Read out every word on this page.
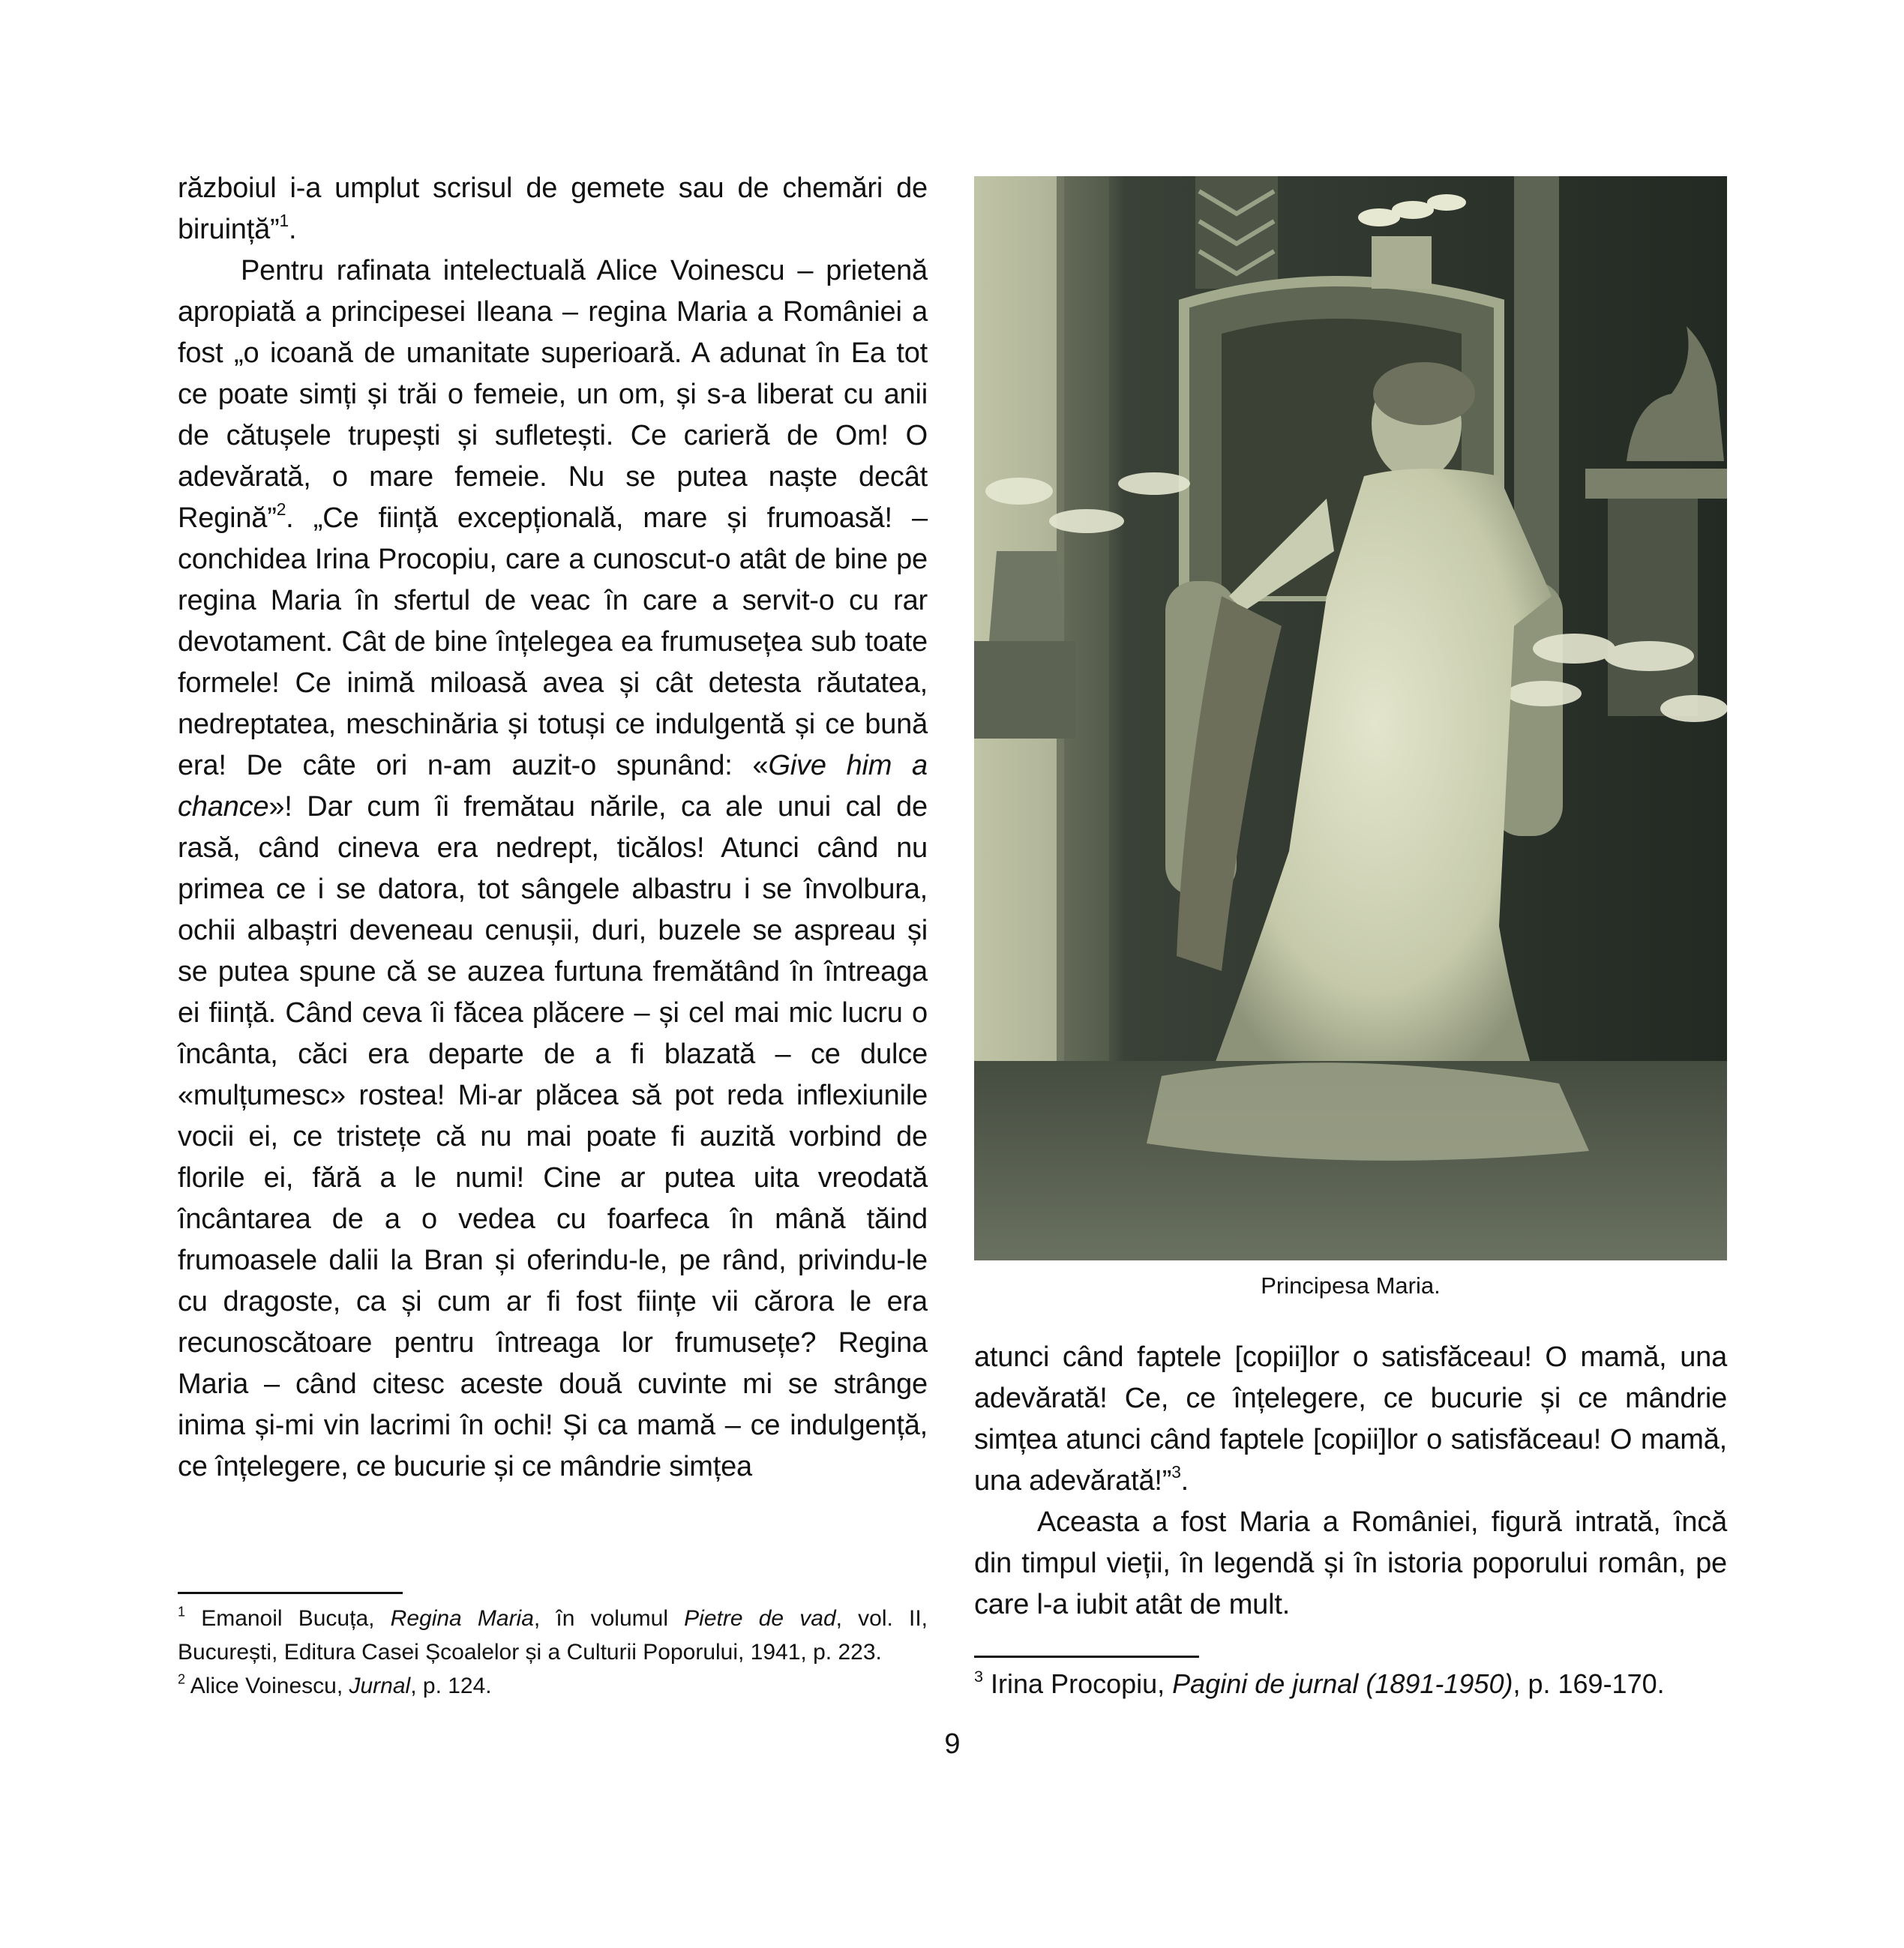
războiul i-a umplut scrisul de gemete sau de chemări de biruință”$^1$.

Pentru rafinata intelectuală Alice Voinescu – prietenă apropiată a principesei Ileana – regina Maria a României a fost „o icoană de umanitate superioară. A adunat în Ea tot ce poate simți și trăi o femeie, un om, și s-a liberat cu anii de cătușele trupești și sufletești. Ce carieră de Om! O adevărată, o mare femeie. Nu se putea naște decât Regină”$^2$. „Ce ființă excepțională, mare și frumoasă! – conchidea Irina Procopiu, care a cunoscut-o atât de bine pe regina Maria în sfertul de veac în care a servit-o cu rar devotament. Cât de bine înțelegea ea frumusețea sub toate formele! Ce inimă miloasă avea și cât detesta răutatea, nedreptatea, meschinăria și totuși ce indulgentă și ce bună era! De câte ori n-am auzit-o spunând: «Give him a chance»! Dar cum îi fremătau nările, ca ale unui cal de rasă, când cineva era nedrept, ticălos! Atunci când nu primea ce i se datora, tot sângele albastru i se învolbura, ochii albaștri deveneau cenușii, duri, buzele se aspreau și se putea spune că se auzea furtuna fremătând în întreaga ei ființă. Când ceva îi făcea plăcere – și cel mai mic lucru o încânta, căci era departe de a fi blazată – ce dulce «mulțumesc» rostea! Mi-ar plăcea să pot reda inflexiunile vocii ei, ce tristețe că nu mai poate fi auzită vorbind de florile ei, fără a le numi! Cine ar putea uita vreodată încântarea de a o vedea cu foarfeca în mână tăind frumoasele dalii la Bran și oferindu-le, pe rând, privindu-le cu dragoste, ca și cum ar fi fost ființe vii cărora le era recunoscătoare pentru întreaga lor frumusețe? Regina Maria – când citesc aceste două cuvinte mi se strânge inima și-mi vin lacrimi în ochi! Și ca mamă – ce indulgență, ce înțelegere, ce bucurie și ce mândrie simțea

$^1$ Emanoil Bucuța, Regina Maria, în volumul Pietre de vad, vol. II, București, Editura Casei Școalelor și a Culturii Poporului, 1941, p. 223.

$^2$ Alice Voinescu, Jurnal, p. 124.

Principesa Maria.

atunci când faptele [copii]lor o satisfăceau! O mamă, una adevărată! Ce, ce înțelegere, ce bucurie și ce mândrie simțea atunci când faptele [copii]lor o satisfăceau! O mamă, una adevărată!”$^3$.

Aceasta a fost Maria a României, figură intrată, încă din timpul vieții, în legendă și în istoria poporului român, pe care l-a iubit atât de mult.

$^3$ Irina Procopiu, Pagini de jurnal (1891-1950), p. 169-170.

9
